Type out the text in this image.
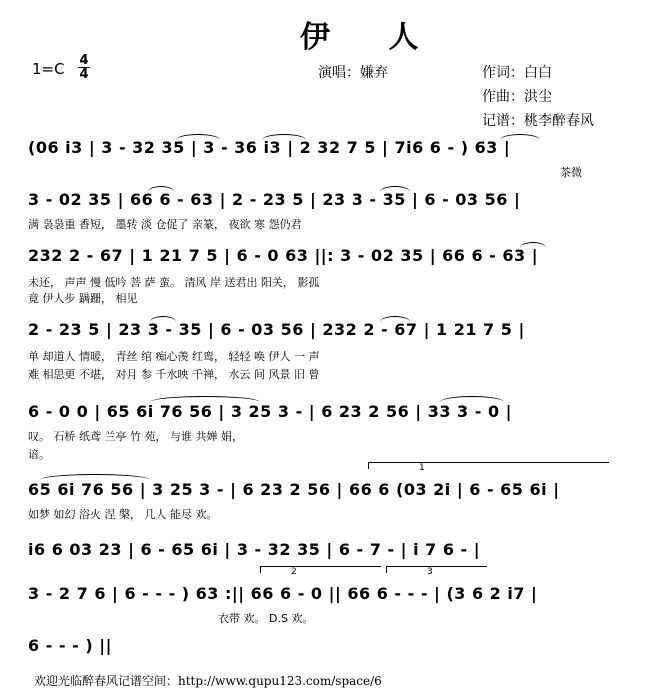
伊 人
1=C 4
4	演唱：嫌弃	作词：白白
作曲：洪尘
记谱：桃李醉春风
(06 i3 | 3 - 32 35 | 3 - 36 i3 | 2 32 7 5 | 7i6 6 - ) 63 |
茶微
3 - 02 35 | 66 6 - 63 | 2 - 23 5 | 23 3 - 35 | 6 - 03 56 |
满 袅袅重 香短， 墨转 淡 仓促了 亲篆， 夜欲 寒 怨仍君
232 2 - 67 | 1 21 7 5 | 6 - 0 63 ||: 3 - 02 35 | 66 6 - 63 |
未还， 声声 慢 低吟 菩 萨 蛮。 清风 岸 送君出 阳关， 影孤
竟 伊人步 蹒跚， 相见
2 - 23 5 | 23 3 - 35 | 6 - 03 56 | 232 2 - 67 | 1 21 7 5 |
单 却道人 情暖， 青丝 绾 痴心羡 红鸾， 轻轻 唤 伊人 一 声
难 相思更 不堪， 对月 参 千水映 千禅， 水云 间 风景 旧 曾
6 - 0 0 | 65 6i 76 56 | 3 25 3 - | 6 23 2 56 | 33 3 - 0 |
叹。 石桥 纸鸢 兰亭 竹 苑， 与谁 共婵 娟，
谙。
1
65 6i 76 56 | 3 25 3 - | 6 23 2 56 | 66 6 (03 2i | 6 - 65 6i |
如梦 如幻 浴火 涅 槃， 几人 能尽 欢。
i6 6 03 23 | 6 - 65 6i | 3 - 32 35 | 6 - 7 - | i 7 6 - |
2	3
3 - 2 7 6 | 6 - - - ) 63 :|| 66 6 - 0 || 66 6 - - - | (3 6 2 i7 |
衣带 欢。 D.S 欢。
6 - - - ) ||
欢迎光临醉春风记谱空间：http://www.qupu123.com/space/6
